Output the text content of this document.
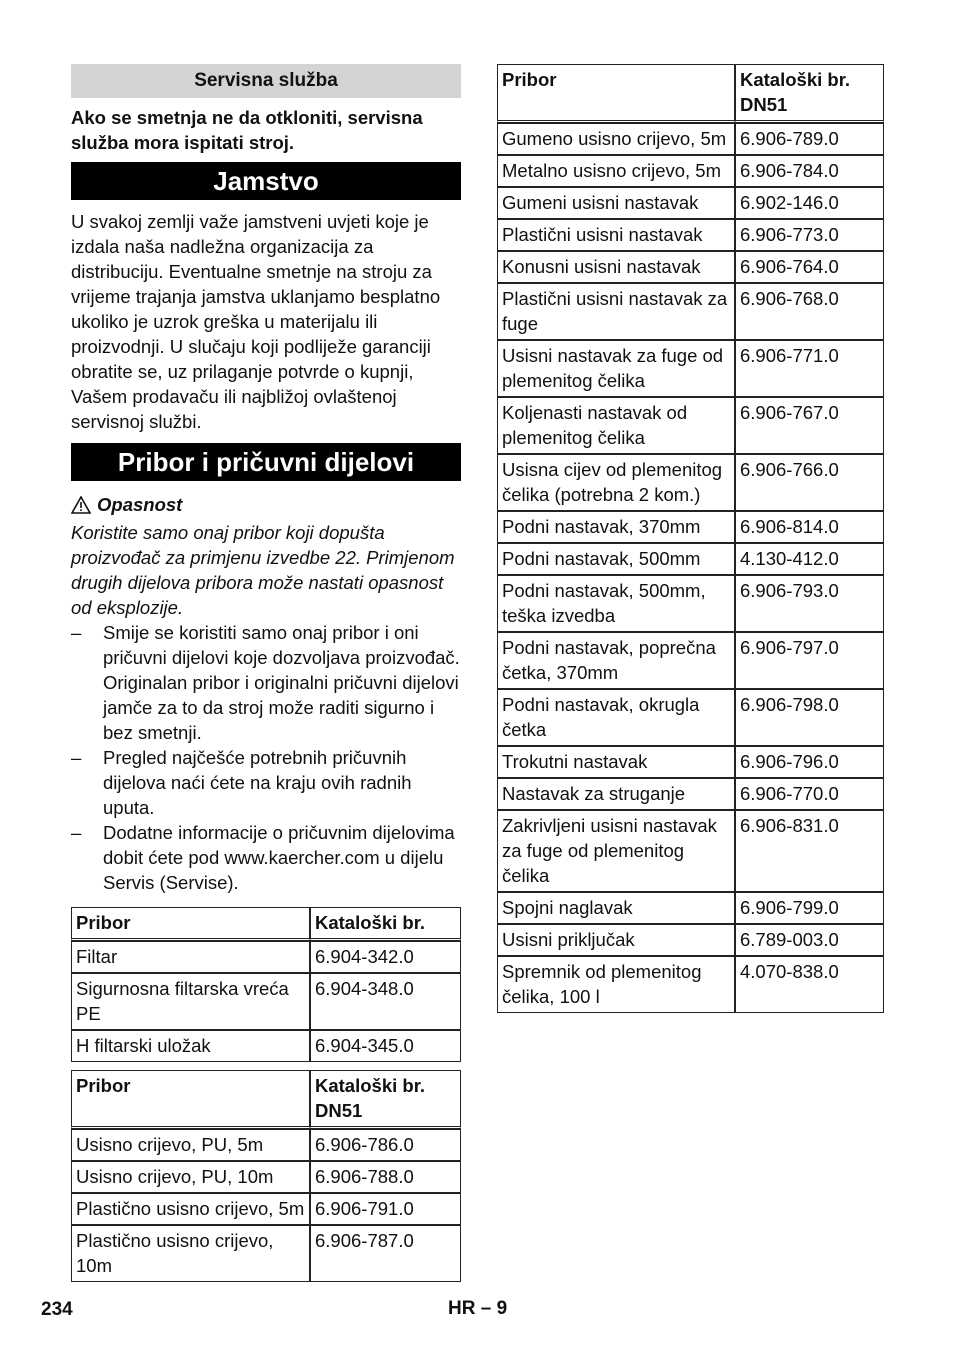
Servisna služba
Ako se smetnja ne da otkloniti, servisna služba mora ispitati stroj.
Jamstvo
U svakoj zemlji važe jamstveni uvjeti koje je izdala naša nadležna organizacija za distribuciju. Eventualne smetnje na stroju za vrijeme trajanja jamstva uklanjamo besplatno ukoliko je uzrok greška u materijalu ili proizvodnji. U slučaju koji podliježe garanciji obratite se, uz prilaganje potvrde o kupnji, Vašem prodavaču ili najbližoj ovlaštenoj servisnoj službi.
Pribor i pričuvni dijelovi
Opasnost
Koristite samo onaj pribor koji dopušta proizvođač za primjenu izvedbe 22. Primjenom drugih dijelova pribora može nastati opasnost od eksplozije.
– Smije se koristiti samo onaj pribor i oni pričuvni dijelovi koje dozvoljava proizvođač. Originalan pribor i originalni pričuvni dijelovi jamče za to da stroj može raditi sigurno i bez smetnji.
– Pregled najčešće potrebnih pričuvnih dijelova naći ćete na kraju ovih radnih uputa.
– Dodatne informacije o pričuvnim dijelovima dobit ćete pod www.kaercher.com u dijelu Servis (Servise).
Pribor	Kataloški br.
Filtar	6.904-342.0
Sigurnosna filtarska vreća PE	6.904-348.0
H filtarski uložak	6.904-345.0
Pribor	Kataloški br. DN51
Usisno crijevo, PU, 5m	6.906-786.0
Usisno crijevo, PU, 10m	6.906-788.0
Plastično usisno crijevo, 5m	6.906-791.0
Plastično usisno crijevo, 10m	6.906-787.0
Pribor	Kataloški br. DN51
Gumeno usisno crijevo, 5m	6.906-789.0
Metalno usisno crijevo, 5m	6.906-784.0
Gumeni usisni nastavak	6.902-146.0
Plastični usisni nastavak	6.906-773.0
Konusni usisni nastavak	6.906-764.0
Plastični usisni nastavak za fuge	6.906-768.0
Usisni nastavak za fuge od plemenitog čelika	6.906-771.0
Koljenasti nastavak od plemenitog čelika	6.906-767.0
Usisna cijev od plemenitog čelika (potrebna 2 kom.)	6.906-766.0
Podni nastavak, 370mm	6.906-814.0
Podni nastavak, 500mm	4.130-412.0
Podni nastavak, 500mm, teška izvedba	6.906-793.0
Podni nastavak, poprečna četka, 370mm	6.906-797.0
Podni nastavak, okrugla četka	6.906-798.0
Trokutni nastavak	6.906-796.0
Nastavak za struganje	6.906-770.0
Zakrivljeni usisni nastavak za fuge od plemenitog čelika	6.906-831.0
Spojni naglavak	6.906-799.0
Usisni priključak	6.789-003.0
Spremnik od plemenitog čelika, 100 l	4.070-838.0
234	HR – 9
